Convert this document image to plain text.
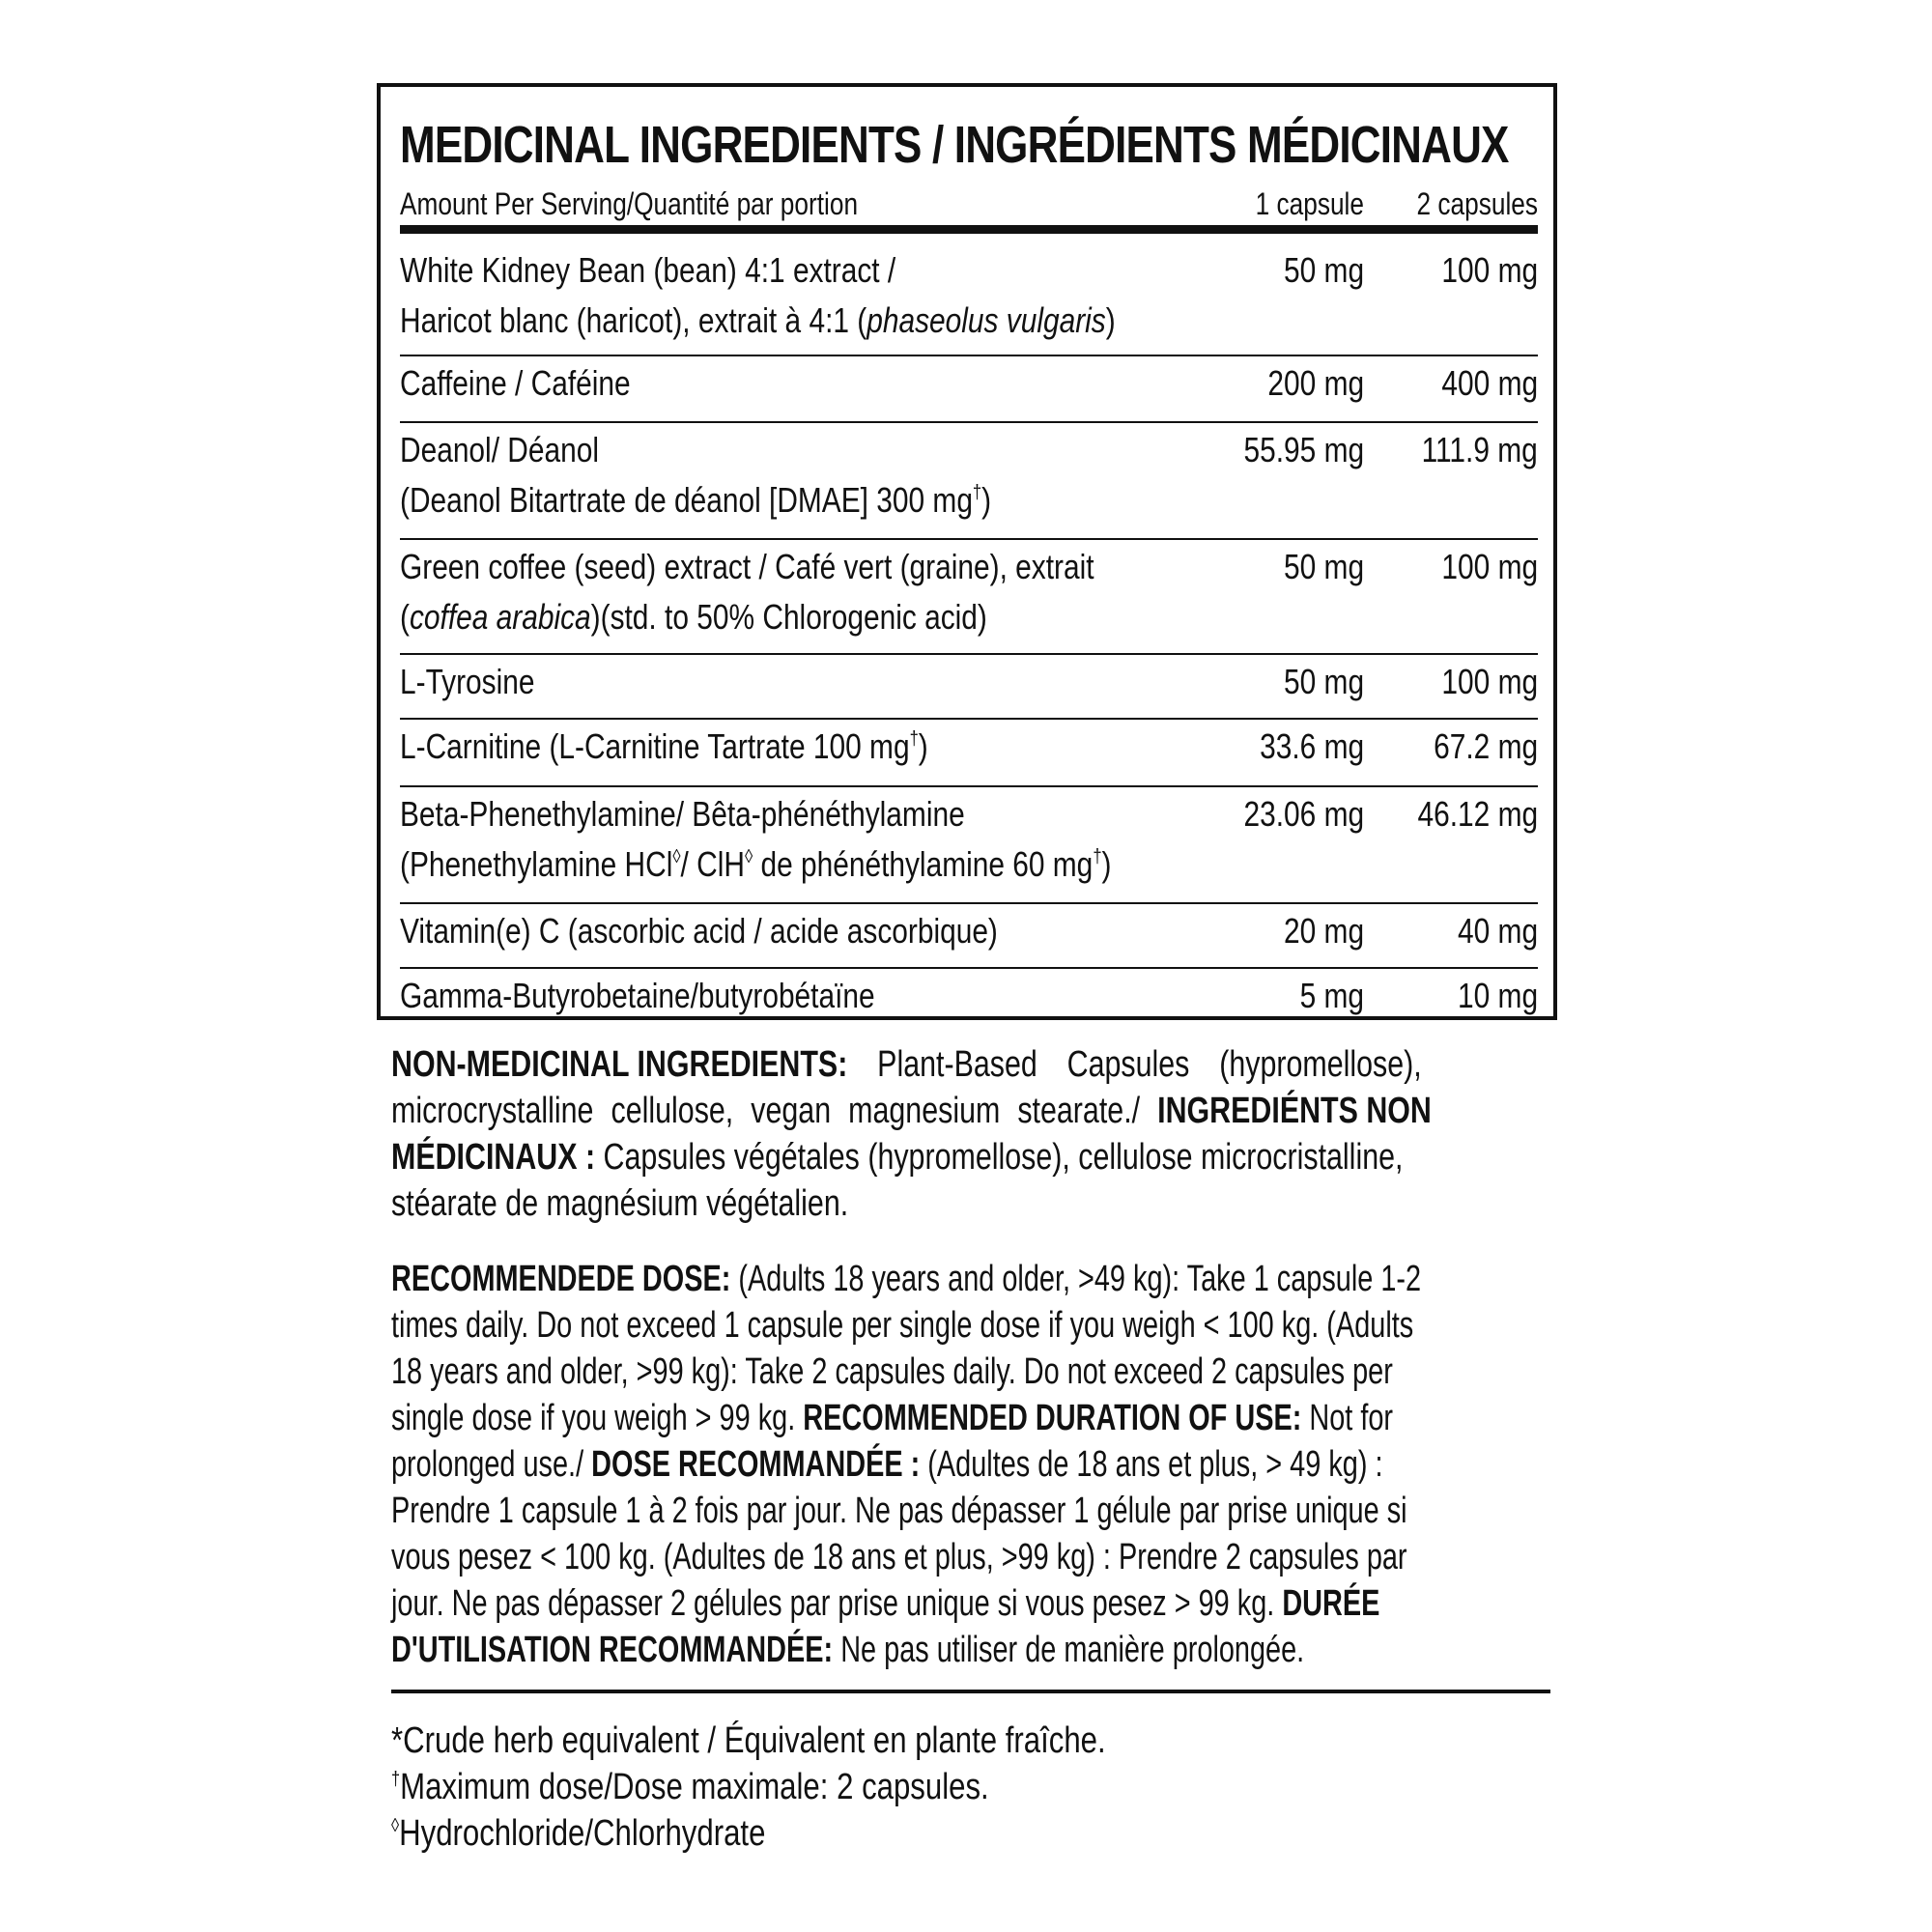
MEDICINAL INGREDIENTS / INGRÉDIENTS MÉDICINAUX
Amount Per Serving/Quantité par portion	1 capsule 2 capsules
White Kidney Bean (bean) 4:1 extract /
Haricot blanc (haricot), extrait à 4:1 (phaseolus vulgaris)
50 mg 100 mg
Caffeine / Caféine	200 mg 400 mg
Deanol/ Déanol
(Deanol Bitartrate de déanol [DMAE] 300 mg†)
55.95 mg 111.9 mg
Green coffee (seed) extract / Café vert (graine), extrait
(coffea arabica)(std. to 50% Chlorogenic acid)
50 mg 100 mg
L-Tyrosine	50 mg 100 mg
L-Carnitine (L-Carnitine Tartrate 100 mg†)	33.6 mg 67.2 mg
Beta-Phenethylamine/ Bêta-phénéthylamine
(Phenethylamine HCl◊/ ClH◊ de phénéthylamine 60 mg†)
23.06 mg 46.12 mg
Vitamin(e) C (ascorbic acid / acide ascorbique)	20 mg	40 mg
Gamma-Butyrobetaine/butyrobétaïne	5 mg	10 mg
NON-MEDICINAL INGREDIENTS: Plant-Based Capsules (hypromellose),
microcrystalline cellulose, vegan magnesium stearate./ INGREDIÉNTS NON
MÉDICINAUX : Capsules végétales (hypromellose), cellulose microcristalline,
stéarate de magnésium végétalien.
RECOMMENDEDE DOSE: (Adults 18 years and older, >49 kg): Take 1 capsule 1-2
times daily. Do not exceed 1 capsule per single dose if you weigh < 100 kg. (Adults
18 years and older, >99 kg): Take 2 capsules daily. Do not exceed 2 capsules per
single dose if you weigh > 99 kg. RECOMMENDED DURATION OF USE: Not for
prolonged use./ DOSE RECOMMANDÉE : (Adultes de 18 ans et plus, > 49 kg) :
Prendre 1 capsule 1 à 2 fois par jour. Ne pas dépasser 1 gélule par prise unique si
vous pesez < 100 kg. (Adultes de 18 ans et plus, >99 kg) : Prendre 2 capsules par
jour. Ne pas dépasser 2 gélules par prise unique si vous pesez > 99 kg. DURÉE
D'UTILISATION RECOMMANDÉE: Ne pas utiliser de manière prolongée.
*Crude herb equivalent / Équivalent en plante fraîche.
†Maximum dose/Dose maximale: 2 capsules.
◊Hydrochloride/Chlorhydrate
